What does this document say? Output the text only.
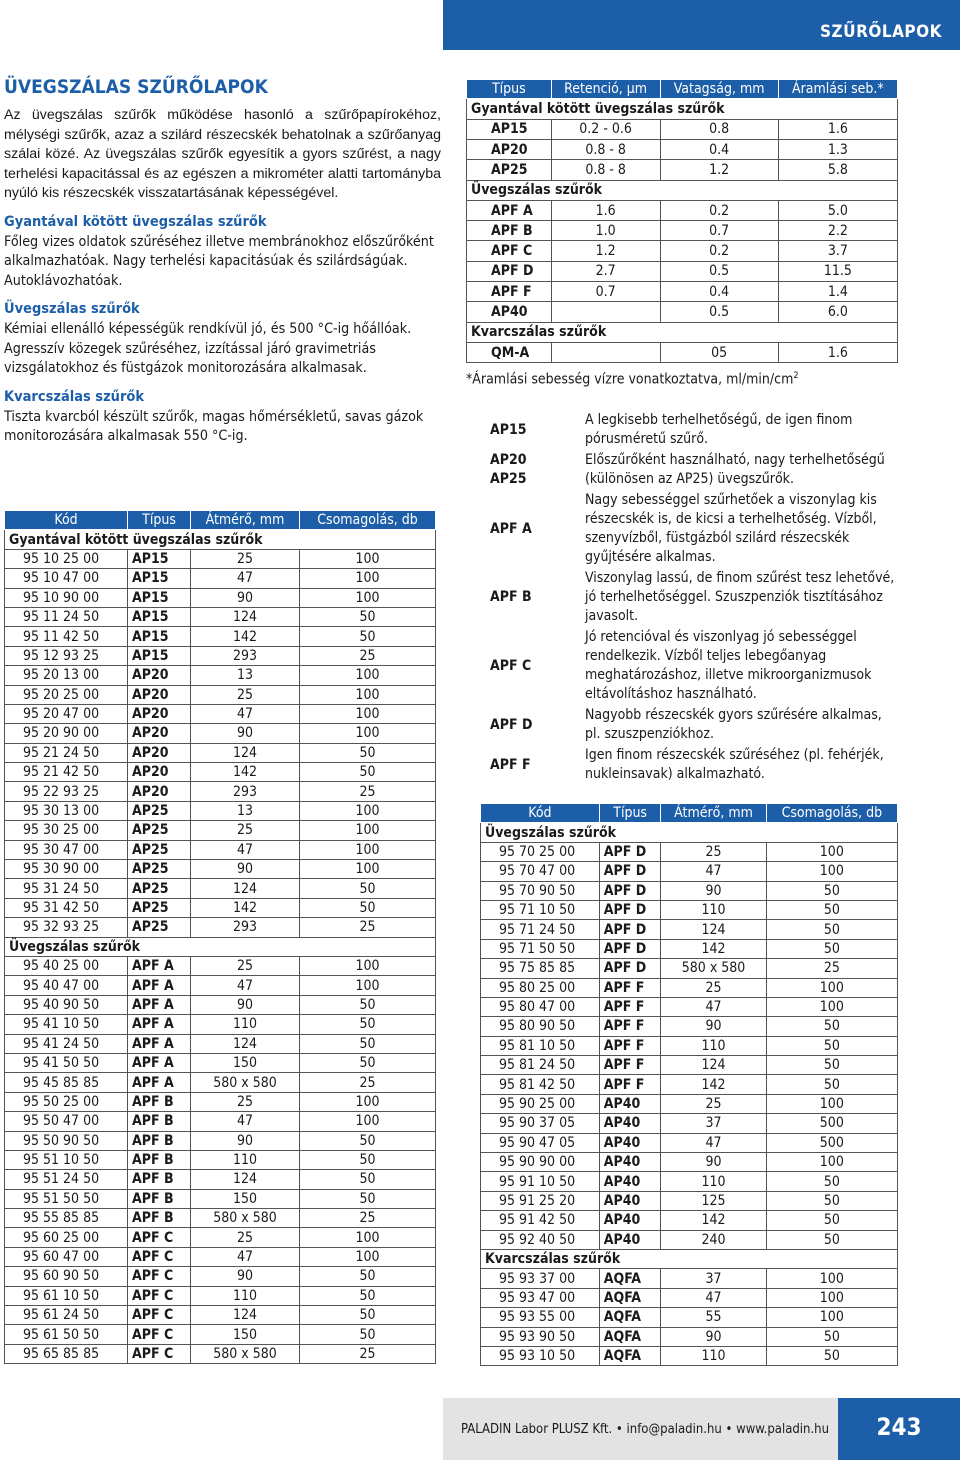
SZŰRŐLAPOK
ÜVEGSZÁLAS SZŰRŐLAPOK

Az üvegszálas szűrők működése hasonló a szűrőpapírokéhoz, mélységi szűrők, azaz a szilárd részecskék behatolnak a szűrőanyag szálai közé. Az üvegszálas szűrők egyesítik a gyors szűrést, a nagy terhelési kapacitással és az egészen a mikrométer alatti tartományba nyúló kis részecskék visszatartásának képességével.

Gyantával kötött üvegszálas szűrők

Főleg vizes oldatok szűréséhez illetve membránokhoz előszűrőként alkalmazhatóak. Nagy terhelési kapacitásúak és szilárdságúak. Autoklávozhatóak.

Üvegszálas szűrők

Kémiai ellenálló képességük rendkívül jó, és 500 °C-ig hőállóak.

Agresszív közegek szűréséhez, izzítással járó gravimetriás vizsgálatokhoz és füstgázok monitorozására alkalmasak.

Kvarcszálas szűrők

Tiszta kvarcból készült szűrők, magas hőmérsékletű, savas gázok monitorozására alkalmasak 550 °C-ig.

Kód	Típus	Átmérő, mm	Csomagolás, db
Gyantával kötött üvegszálas szűrők			
95 10 25 00	AP15	25	100
95 10 47 00	AP15	47	100
95 10 90 00	AP15	90	100
95 11 24 50	AP15	124	50
95 11 42 50	AP15	142	50
95 12 93 25	AP15	293	25
95 20 13 00	AP20	13	100
95 20 25 00	AP20	25	100
95 20 47 00	AP20	47	100
95 20 90 00	AP20	90	100
95 21 24 50	AP20	124	50
95 21 42 50	AP20	142	50
95 22 93 25	AP20	293	25
95 30 13 00	AP25	13	100
95 30 25 00	AP25	25	100
95 30 47 00	AP25	47	100
95 30 90 00	AP25	90	100
95 31 24 50	AP25	124	50
95 31 42 50	AP25	142	50
95 32 93 25	AP25	293	25
Üvegszálas szűrők			
95 40 25 00	APF A	25	100
95 40 47 00	APF A	47	100
95 40 90 50	APF A	90	50
95 41 10 50	APF A	110	50
95 41 24 50	APF A	124	50
95 41 50 50	APF A	150	50
95 45 85 85	APF A	580 x 580	25
95 50 25 00	APF B	25	100
95 50 47 00	APF B	47	100
95 50 90 50	APF B	90	50
95 51 10 50	APF B	110	50
95 51 24 50	APF B	124	50
95 51 50 50	APF B	150	50
95 55 85 85	APF B	580 x 580	25
95 60 25 00	APF C	25	100
95 60 47 00	APF C	47	100
95 60 90 50	APF C	90	50
95 61 10 50	APF C	110	50
95 61 24 50	APF C	124	50
95 61 50 50	APF C	150	50
95 65 85 85	APF C	580 x 580	25
Típus	Retenció, µm	Vatagság, mm	Áramlási seb.*
Gyantával kötött üvegszálas szűrők			
AP15	0.2 - 0.6	0.8	1.6
AP20	0.8 - 8	0.4	1.3
AP25	0.8 - 8	1.2	5.8
Üvegszálas szűrők			
APF A	1.6	0.2	5.0
APF B	1.0	0.7	2.2
APF C	1.2	0.2	3.7
APF D	2.7	0.5	11.5
APF F	0.7	0.4	1.4
AP40		0.5	6.0
Kvarcszálas szűrők			
QM-A		05	1.6
*Áramlási sebesség vízre vonatkoztatva, $ml/\min/cm^2$
AP15	A legkisebb terhelhetőségű, de igen finom pórusméretű szűrő.
AP20
AP25	Előszűrőként használható, nagy terhelhetőségű (különösen az AP25) üvegszűrők.
APF A	Nagy sebességgel szűrhetőek a viszonylag kis részecskék is, de kicsi a terhelhetőség. Vízből, szenyvízből, füstgázból szilárd részecskék gyűjtésére alkalmas.
APF B	Viszonylag lassú, de finom szűrést tesz lehetővé, jó terhelhetőséggel. Szuszpenziók tisztításához javasolt.
APF C	Jó retencióval és viszonlyag jó sebességgel rendelkezik. Vízből teljes lebegőanyag meghatározáshoz, illetve mikroorganizmusok eltávolításhoz használható.
APF D	Nagyobb részecskék gyors szűrésére alkalmas, pl. szuszpenziókhoz.
APF F	Igen finom részecskék szűréséhez (pl. fehérjék, nukleinsavak) alkalmazható.
Kód	Típus	Átmérő, mm	Csomagolás, db
Üvegszálas szűrők			
95 70 25 00	APF D	25	100
95 70 47 00	APF D	47	100
95 70 90 50	APF D	90	50
95 71 10 50	APF D	110	50
95 71 24 50	APF D	124	50
95 71 50 50	APF D	142	50
95 75 85 85	APF D	580 x 580	25
95 80 25 00	APF F	25	100
95 80 47 00	APF F	47	100
95 80 90 50	APF F	90	50
95 81 10 50	APF F	110	50
95 81 24 50	APF F	124	50
95 81 42 50	APF F	142	50
95 90 25 00	AP40	25	100
95 90 37 05	AP40	37	500
95 90 47 05	AP40	47	500
95 90 90 00	AP40	90	100
95 91 10 50	AP40	110	50
95 91 25 20	AP40	125	50
95 91 42 50	AP40	142	50
95 92 40 50	AP40	240	50
Kvarcszálas szűrők			
95 93 37 00	AQFA	37	100
95 93 47 00	AQFA	47	100
95 93 55 00	AQFA	55	100
95 93 90 50	AQFA	90	50
95 93 10 50	AQFA	110	50
PALADIN Labor PLUSZ Kft. • info@paladin.hu • www.paladin.hu	243
